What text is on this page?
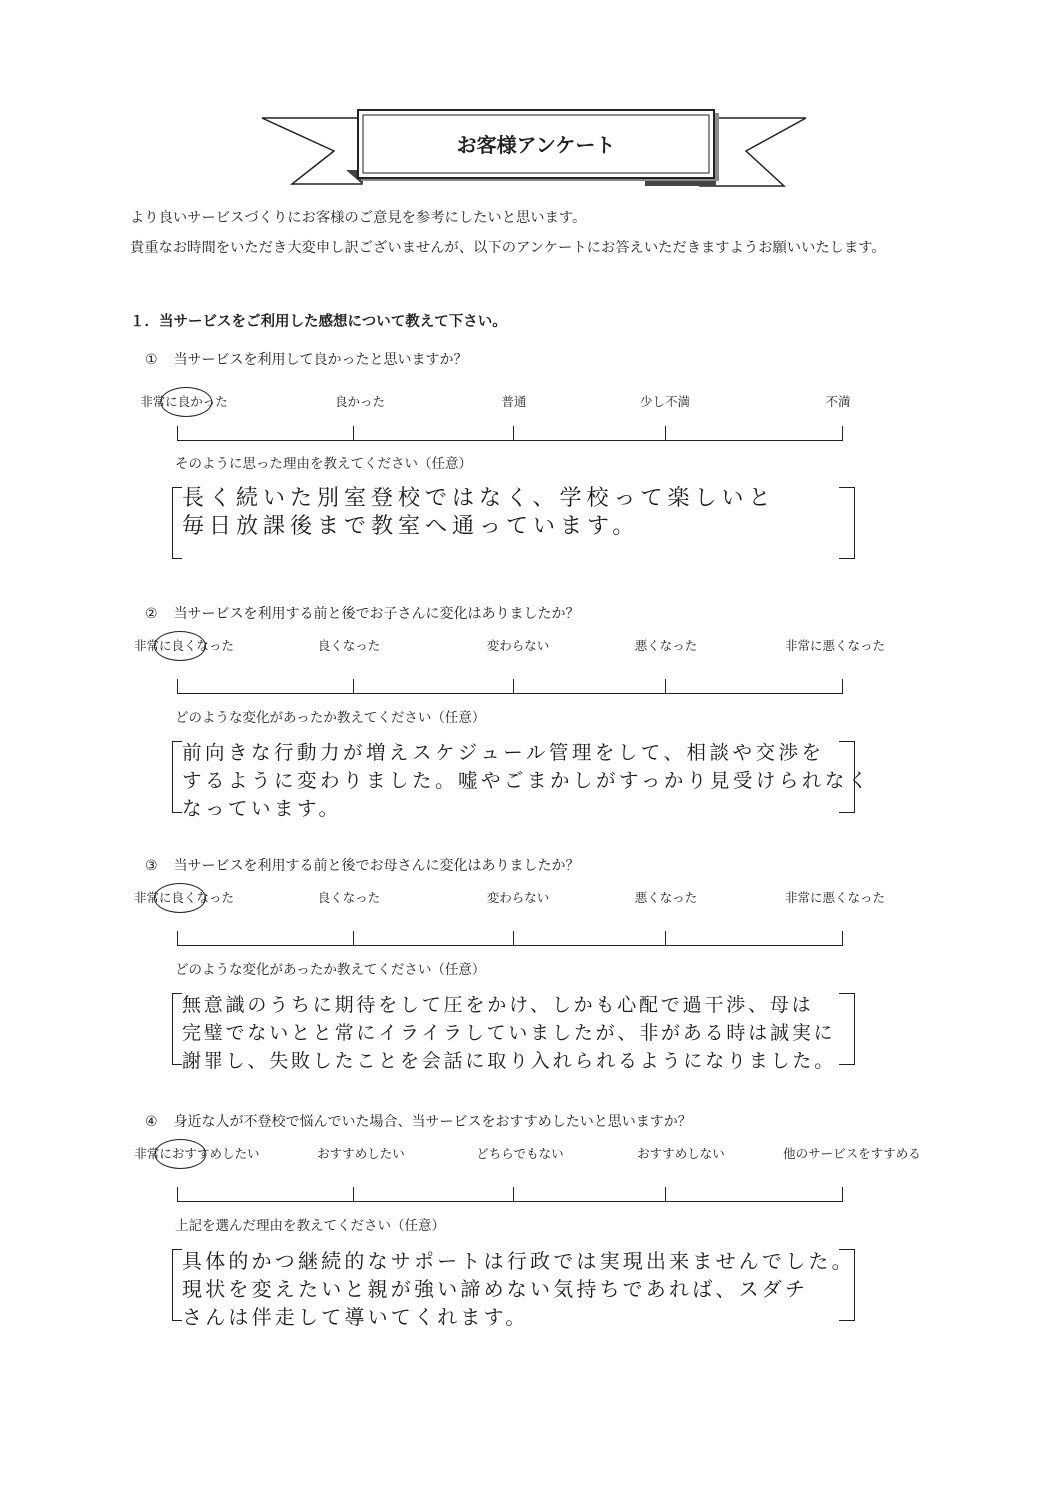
お客様アンケート

より良いサービスづくりにお客様のご意見を参考にしたいと思います。

貴重なお時間をいただき大変申し訳ございませんが、以下のアンケートにお答えいただきますようお願いいたします。

１．当サービスをご利用した感想について教えて下さい。

① 当サービスを利用して良かったと思いますか？
非常に良かった	良かった	普通	少し不満	不満
そのように思った理由を教えてください（任意）
長く続いた別室登校ではなく、学校って楽しいと
毎日放課後まで教室へ通っています。
② 当サービスを利用する前と後でお子さんに変化はありましたか？
非常に良くなった	良くなった	変わらない	悪くなった	非常に悪くなった
どのような変化があったか教えてください（任意）
前向きな行動力が増えスケジュール管理をして、相談や交渉を
するように変わりました。嘘やごまかしがすっかり見受けられなく
なっています。
③ 当サービスを利用する前と後でお母さんに変化はありましたか？
非常に良くなった	良くなった	変わらない	悪くなった	非常に悪くなった
どのような変化があったか教えてください（任意）
無意識のうちに期待をして圧をかけ、しかも心配で過干渉、母は
完璧でないとと常にイライラしていましたが、非がある時は誠実に
謝罪し、失敗したことを会話に取り入れられるようになりました。
④ 身近な人が不登校で悩んでいた場合、当サービスをおすすめしたいと思いますか？
非常におすすめしたい	おすすめしたい	どちらでもない	おすすめしない	他のサービスをすすめる
上記を選んだ理由を教えてください（任意）
具体的かつ継続的なサポートは行政では実現出来ませんでした。
現状を変えたいと親が強い諦めない気持ちであれば、スダチ
さんは伴走して導いてくれます。
